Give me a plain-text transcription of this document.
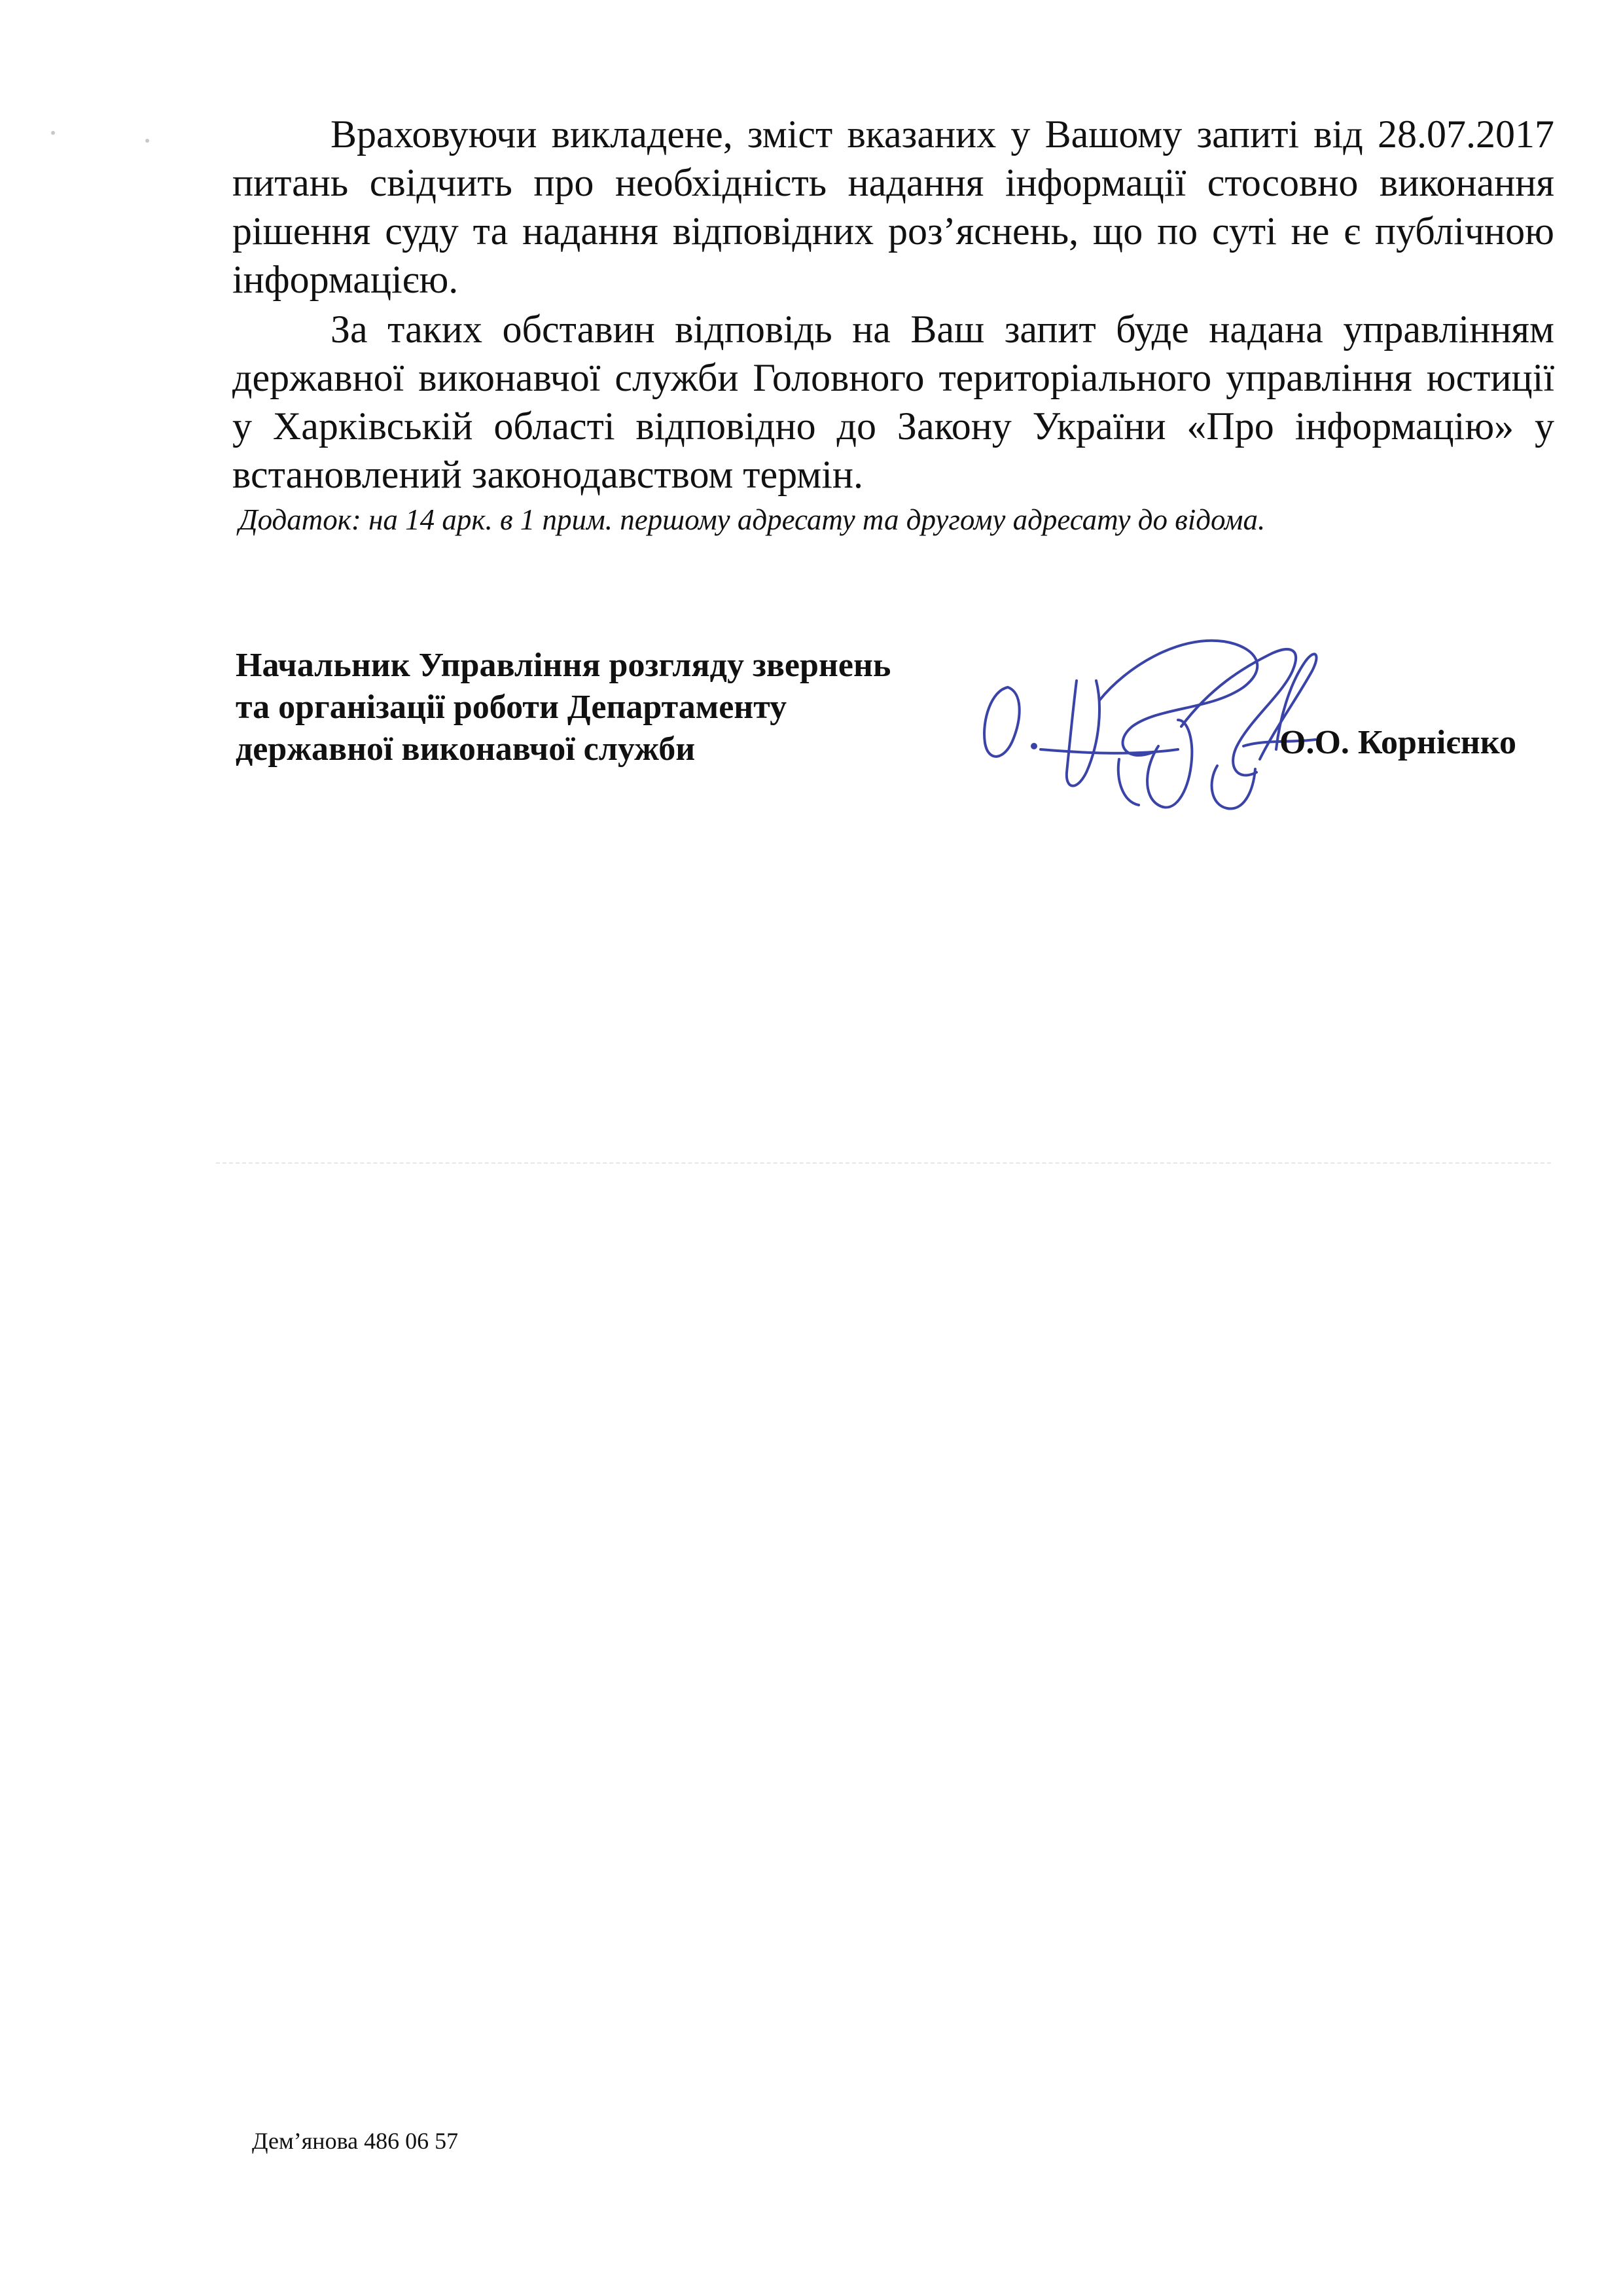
Враховуючи викладене, зміст вказаних у Вашому запиті від 28.07.2017 питань свідчить про необхідність надання інформації стосовно виконання рішення суду та надання відповідних роз’яснень, що по суті не є публічною інформацією.

За таких обставин відповідь на Ваш запит буде надана управлінням державної виконавчої служби Головного територіального управління юстиції у Харківській області відповідно до Закону України «Про інформацію» у встановлений законодавством термін.

Додаток: на 14 арк. в 1 прим. першому адресату та другому адресату до відома.
Начальник Управління розгляду звернень
та організації роботи Департаменту
державної виконавчої служби	О.О. Корнієнко
Дем’янова 486 06 57
